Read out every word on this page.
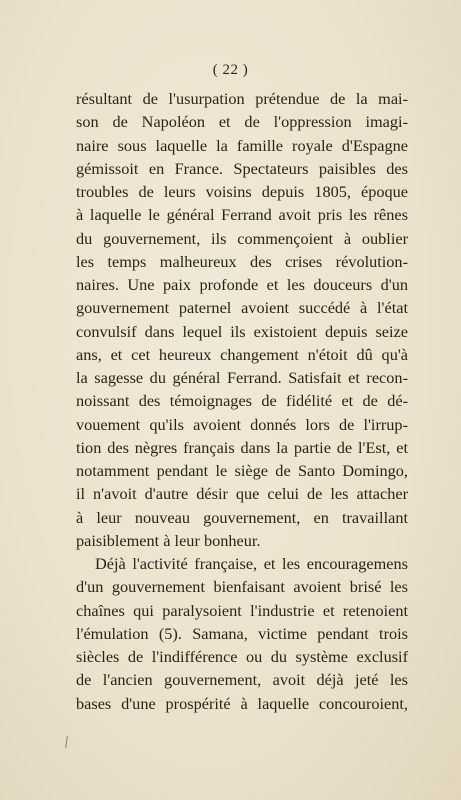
( 22 )
résultant de l'usurpation prétendue de la mai-
son de Napoléon et de l'oppression imagi-
naire sous laquelle la famille royale d'Espagne
gémissoit en France. Spectateurs paisibles des
troubles de leurs voisins depuis 1805, époque
à laquelle le général Ferrand avoit pris les rênes
du gouvernement, ils commençoient à oublier
les temps malheureux des crises révolution-
naires. Une paix profonde et les douceurs d'un
gouvernement paternel avoient succédé à l'état
convulsif dans lequel ils existoient depuis seize
ans, et cet heureux changement n'étoit dû qu'à
la sagesse du général Ferrand. Satisfait et recon-
noissant des témoignages de fidélité et de dé-
vouement qu'ils avoient donnés lors de l'irrup-
tion des nègres français dans la partie de l'Est, et
notamment pendant le siège de Santo Domingo,
il n'avoit d'autre désir que celui de les attacher
à leur nouveau gouvernement, en travaillant
paisiblement à leur bonheur.
Déjà l'activité française, et les encouragemens
d'un gouvernement bienfaisant avoient brisé les
chaînes qui paralysoient l'industrie et retenoient
l'émulation (5). Samana, victime pendant trois
siècles de l'indifférence ou du système exclusif
de l'ancien gouvernement, avoit déjà jeté les
bases d'une prospérité à laquelle concouroient,
